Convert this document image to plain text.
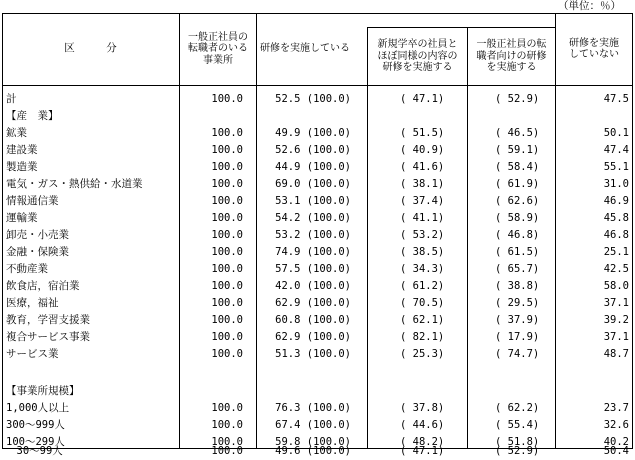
（単位：％）
区　　　分
一般正社員の
転職者のいる
事業所
研修を実施している	新規学卒の社員と
ほぼ同様の内容の
研修を実施する
一般正社員の転
職者向けの研修
を実施する
研修を実施
していない
計	100.0	52.5 (100.0)	( 47.1)	( 52.9)	47.5
【産　業】
鉱業	100.0	49.9 (100.0)	( 51.5)	( 46.5)	50.1
建設業	100.0	52.6 (100.0)	( 40.9)	( 59.1)	47.4
製造業	100.0	44.9 (100.0)	( 41.6)	( 58.4)	55.1
電気・ガス・熱供給・水道業	100.0	69.0 (100.0)	( 38.1)	( 61.9)	31.0
情報通信業	100.0	53.1 (100.0)	( 37.4)	( 62.6)	46.9
運輸業	100.0	54.2 (100.0)	( 41.1)	( 58.9)	45.8
卸売・小売業	100.0	53.2 (100.0)	( 53.2)	( 46.8)	46.8
金融・保険業	100.0	74.9 (100.0)	( 38.5)	( 61.5)	25.1
不動産業	100.0	57.5 (100.0)	( 34.3)	( 65.7)	42.5
飲食店，宿泊業	100.0	42.0 (100.0)	( 61.2)	( 38.8)	58.0
医療，福祉	100.0	62.9 (100.0)	( 70.5)	( 29.5)	37.1
教育，学習支援業	100.0	60.8 (100.0)	( 62.1)	( 37.9)	39.2
複合サービス事業	100.0	62.9 (100.0)	( 82.1)	( 17.9)	37.1
サービス業	100.0	51.3 (100.0)	( 25.3)	( 74.7)	48.7
【事業所規模】
1,000人以上	100.0	76.3 (100.0)	( 37.8)	( 62.2)	23.7
300～999人	100.0	67.4 (100.0)	( 44.6)	( 55.4)	32.6
100～299人	100.0	59.8 (100.0)	( 48.2)	( 51.8)	40.2
　30～99人	100.0	49.6 (100.0)	( 47.1)	( 52.9)	50.4
